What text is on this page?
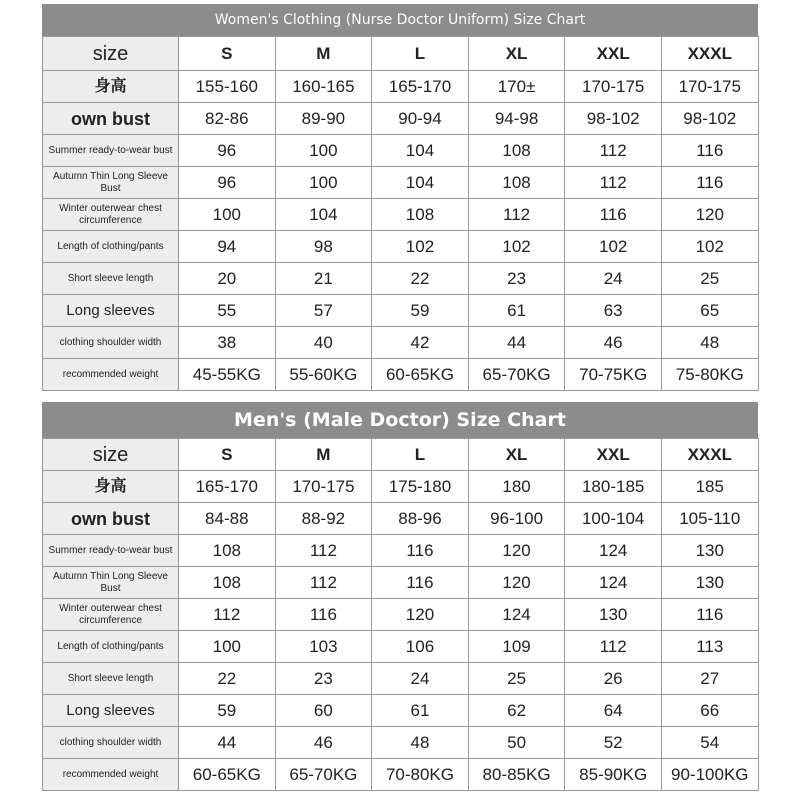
Women's Clothing (Nurse Doctor Uniform) Size Chart
size	S	M	L	XL	XXL	XXXL

身高	155-160	160-165	165-170	170±	170-175	170-175
own bust	82-86	89-90	90-94	94-98	98-102	98-102
Summer ready-to-wear bust	96	100	104	108	112	116
Autumn Thin Long Sleeve Bust	96	100	104	108	112	116
Winter outerwear chest circumference	100	104	108	112	116	120
Length of clothing/pants	94	98	102	102	102	102
Short sleeve length	20	21	22	23	24	25
Long sleeves	55	57	59	61	63	65
clothing shoulder width	38	40	42	44	46	48
recommended weight	45-55KG	55-60KG	60-65KG	65-70KG	70-75KG	75-80KG
Men's (Male Doctor) Size Chart
size	S	M	L	XL	XXL	XXXL

身高	165-170	170-175	175-180	180	180-185	185
own bust	84-88	88-92	88-96	96-100	100-104	105-110
Summer ready-to-wear bust	108	112	116	120	124	130
Autumn Thin Long Sleeve Bust	108	112	116	120	124	130
Winter outerwear chest circumference	112	116	120	124	130	116
Length of clothing/pants	100	103	106	109	112	113
Short sleeve length	22	23	24	25	26	27
Long sleeves	59	60	61	62	64	66
clothing shoulder width	44	46	48	50	52	54
recommended weight	60-65KG	65-70KG	70-80KG	80-85KG	85-90KG	90-100KG
